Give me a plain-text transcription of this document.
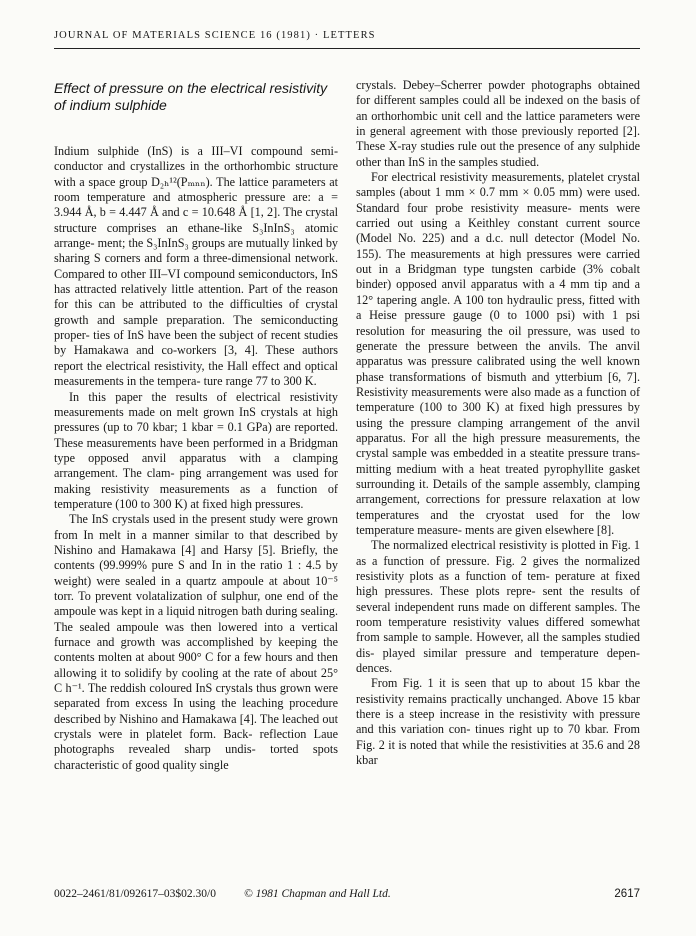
JOURNAL OF MATERIALS SCIENCE 16 (1981) · LETTERS
Effect of pressure on the electrical resistivity of indium sulphide

Indium sulphide (InS) is a III–VI compound semi- conductor and crystallizes in the orthorhombic structure with a space group D₂ₕ¹²(Pₘₙₙ). The lattice parameters at room temperature and atmospheric pressure are: a = 3.944 Å, b = 4.447 Å and c = 10.648 Å [1, 2]. The crystal structure comprises an ethane-like S₃InInS₃ atomic arrange- ment; the S₃InInS₃ groups are mutually linked by sharing S corners and form a three-dimensional network. Compared to other III–VI compound semiconductors, InS has attracted relatively little attention. Part of the reason for this can be attributed to the difficulties of crystal growth and sample preparation. The semiconducting proper- ties of InS have been the subject of recent studies by Hamakawa and co-workers [3, 4]. These authors report the electrical resistivity, the Hall effect and optical measurements in the tempera- ture range 77 to 300 K.

In this paper the results of electrical resistivity measurements made on melt grown InS crystals at high pressures (up to 70 kbar; 1 kbar = 0.1 GPa) are reported. These measurements have been performed in a Bridgman type opposed anvil apparatus with a clamping arrangement. The clam- ping arrangement was used for making resistivity measurements as a function of temperature (100 to 300 K) at fixed high pressures.

The InS crystals used in the present study were grown from In melt in a manner similar to that described by Nishino and Hamakawa [4] and Harsy [5]. Briefly, the contents (99.999% pure S and In in the ratio 1 : 4.5 by weight) were sealed in a quartz ampoule at about 10⁻⁵ torr. To prevent volatalization of sulphur, one end of the ampoule was kept in a liquid nitrogen bath during sealing. The sealed ampoule was then lowered into a vertical furnace and growth was accomplished by keeping the contents molten at about 900° C for a few hours and then allowing it to solidify by cooling at the rate of about 25° C h⁻¹. The reddish coloured InS crystals thus grown were separated from excess In using the leaching procedure described by Nishino and Hamakawa [4]. The leached out crystals were in platelet form. Back- reflection Laue photographs revealed sharp undis- torted spots characteristic of good quality single

crystals. Debey–Scherrer powder photographs obtained for different samples could all be indexed on the basis of an orthorhombic unit cell and the lattice parameters were in general agreement with those previously reported [2]. These X-ray studies rule out the presence of any sulphide other than InS in the samples studied.

For electrical resistivity measurements, platelet crystal samples (about 1 mm × 0.7 mm × 0.05 mm) were used. Standard four probe resistivity measure- ments were carried out using a Keithley constant current source (Model No. 225) and a d.c. null detector (Model No. 155). The measurements at high pressures were carried out in a Bridgman type tungsten carbide (3% cobalt binder) opposed anvil apparatus with a 4 mm tip and a 12° tapering angle. A 100 ton hydraulic press, fitted with a Heise pressure gauge (0 to 1000 psi) with 1 psi resolution for measuring the oil pressure, was used to generate the pressure between the anvils. The anvil apparatus was pressure calibrated using the well known phase transformations of bismuth and ytterbium [6, 7]. Resistivity measurements were also made as a function of temperature (100 to 300 K) at fixed high pressures by using the pressure clamping arrangement of the anvil apparatus. For all the high pressure measurements, the crystal sample was embedded in a steatite pressure trans- mitting medium with a heat treated pyrophyllite gasket surrounding it. Details of the sample assembly, clamping arrangement, corrections for pressure relaxation at low temperatures and the cryostat used for the low temperature measure- ments are given elsewhere [8].

The normalized electrical resistivity is plotted in Fig. 1 as a function of pressure. Fig. 2 gives the normalized resistivity plots as a function of tem- perature at fixed high pressures. These plots repre- sent the results of several independent runs made on different samples. The room temperature resistivity values differed somewhat from sample to sample. However, all the samples studied dis- played similar pressure and temperature depen- dences.

From Fig. 1 it is seen that up to about 15 kbar the resistivity remains practically unchanged. Above 15 kbar there is a steep increase in the resistivity with pressure and this variation con- tinues right up to 70 kbar. From Fig. 2 it is noted that while the resistivities at 35.6 and 28 kbar

0022–2461/81/092617–03$02.30/0 © 1981 Chapman and Hall Ltd.	2617
